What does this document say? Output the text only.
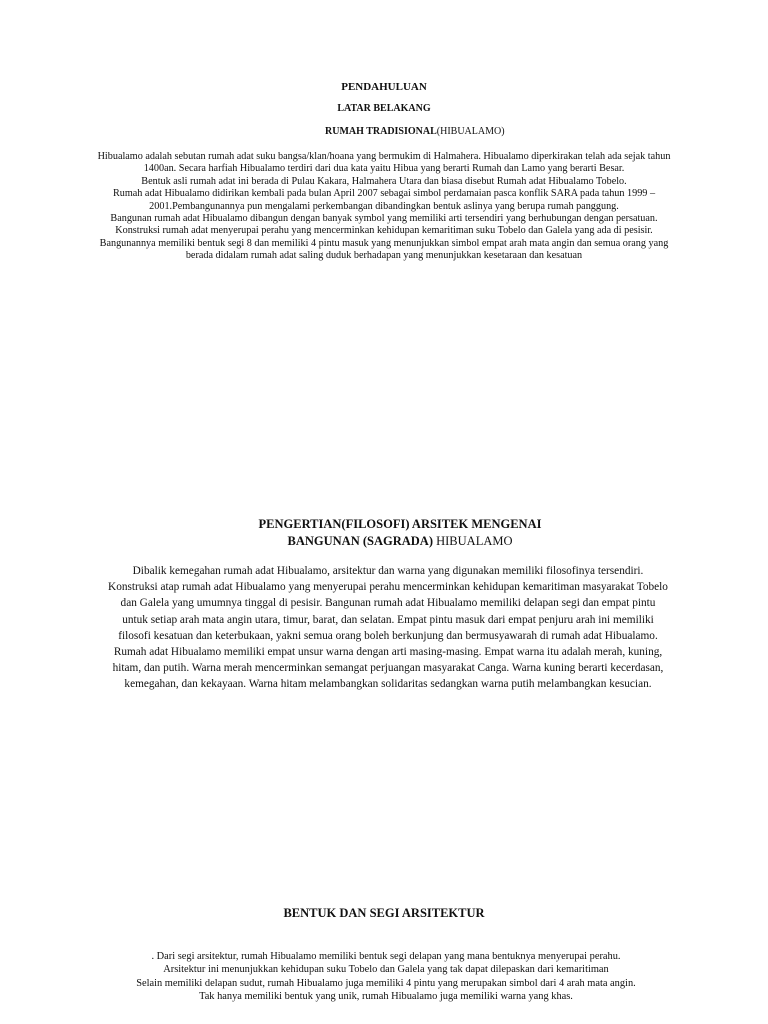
PENDAHULUAN
LATAR BELAKANG
RUMAH TRADISIONAL(HIBUALAMO)

Hibualamo adalah sebutan rumah adat suku bangsa/klan/hoana yang bermukim di Halmahera. Hibualamo diperkirakan telah ada sejak tahun 1400an. Secara harfiah Hibualamo terdiri dari dua kata yaitu Hibua yang berarti Rumah dan Lamo yang berarti Besar.

Bentuk asli rumah adat ini berada di Pulau Kakara, Halmahera Utara dan biasa disebut Rumah adat Hibualamo Tobelo.

Rumah adat Hibualamo didirikan kembali pada bulan April 2007 sebagai simbol perdamaian pasca konflik SARA pada tahun 1999 – 2001.Pembangunannya pun mengalami perkembangan dibandingkan bentuk aslinya yang berupa rumah panggung.

Bangunan rumah adat Hibualamo dibangun dengan banyak symbol yang memiliki arti tersendiri yang berhubungan dengan persatuan. Konstruksi rumah adat menyerupai perahu yang mencerminkan kehidupan kemaritiman suku Tobelo dan Galela yang ada di pesisir. Bangunannya memiliki bentuk segi 8 dan memiliki 4 pintu masuk yang menunjukkan simbol empat arah mata angin dan semua orang yang berada didalam rumah adat saling duduk berhadapan yang menunjukkan kesetaraan dan kesatuan

PENGERTIAN(FILOSOFI) ARSITEK MENGENAI
BANGUNAN (SAGRADA) HIBUALAMO
Dibalik kemegahan rumah adat Hibualamo, arsitektur dan warna yang digunakan memiliki filosofinya tersendiri. Konstruksi atap rumah adat Hibualamo yang menyerupai perahu mencerminkan kehidupan kemaritiman masyarakat Tobelo dan Galela yang umumnya tinggal di pesisir. Bangunan rumah adat Hibualamo memiliki delapan segi dan empat pintu untuk setiap arah mata angin utara, timur, barat, dan selatan. Empat pintu masuk dari empat penjuru arah ini memiliki filosofi kesatuan dan keterbukaan, yakni semua orang boleh berkunjung dan bermusyawarah di rumah adat Hibualamo. Rumah adat Hibualamo memiliki empat unsur warna dengan arti masing-masing. Empat warna itu adalah merah, kuning, hitam, dan putih. Warna merah mencerminkan semangat perjuangan masyarakat Canga. Warna kuning berarti kecerdasan, kemegahan, dan kekayaan. Warna hitam melambangkan solidaritas sedangkan warna putih melambangkan kesucian.
BENTUK DAN SEGI ARSITEKTUR

. Dari segi arsitektur, rumah Hibualamo memiliki bentuk segi delapan yang mana bentuknya menyerupai perahu.

Arsitektur ini menunjukkan kehidupan suku Tobelo dan Galela yang tak dapat dilepaskan dari kemaritiman

Selain memiliki delapan sudut, rumah Hibualamo juga memiliki 4 pintu yang merupakan simbol dari 4 arah mata angin.

Tak hanya memiliki bentuk yang unik, rumah Hibualamo juga memiliki warna yang khas.
